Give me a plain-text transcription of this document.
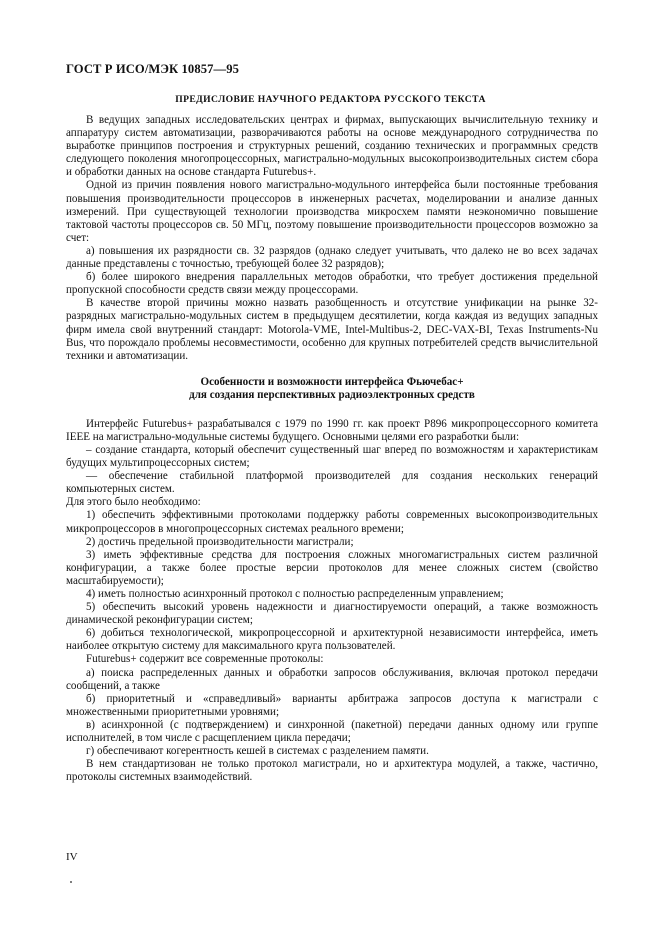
ГОСТ Р ИСО/МЭК 10857—95
ПРЕДИСЛОВИЕ НАУЧНОГО РЕДАКТОРА РУССКОГО ТЕКСТА

В ведущих западных исследовательских центрах и фирмах, выпускающих вычислительную технику и аппаратуру систем автоматизации, разворачиваются работы на основе международного сотрудничества по выработке принципов построения и структурных решений, созданию технических и программных средств следующего поколения многопроцессорных, магистрально-модульных высокопроизводительных систем сбора и обработки данных на основе стандарта Futurebus+.

Одной из причин появления нового магистрально-модульного интерфейса были постоянные требования повышения производительности процессоров в инженерных расчетах, моделировании и анализе данных измерений. При существующей технологии производства микросхем памяти неэкономично повышение тактовой частоты процессоров св. 50 МГц, поэтому повышение производительности процессоров возможно за счет:

а) повышения их разрядности св. 32 разрядов (однако следует учитывать, что далеко не во всех задачах данные представлены с точностью, требующей более 32 разрядов);

б) более широкого внедрения параллельных методов обработки, что требует достижения предельной пропускной способности средств связи между процессорами.

В качестве второй причины можно назвать разобщенность и отсутствие унификации на рынке 32-разрядных магистрально-модульных систем в предыдущем десятилетии, когда каждая из ведущих западных фирм имела свой внутренний стандарт: Motorola-VME, Intel-Multibus-2, DEC-VAX-BI, Texas Instruments-Nu Bus, что порождало проблемы несовместимости, особенно для крупных потребителей средств вычислительной техники и автоматизации.

Особенности и возможности интерфейса Фьючебас+
для создания перспективных радиоэлектронных средств

Интерфейс Futurebus+ разрабатывался с 1979 по 1990 гг. как проект Р896 микропроцессорного комитета IEEE на магистрально-модульные системы будущего. Основными целями его разработки были:

– создание стандарта, который обеспечит существенный шаг вперед по возможностям и характеристикам будущих мультипроцессорных систем;

— обеспечение стабильной платформой производителей для создания нескольких генераций компьютерных систем.

Для этого было необходимо:

1) обеспечить эффективными протоколами поддержку работы современных высокопроизводительных микропроцессоров в многопроцессорных системах реального времени;

2) достичь предельной производительности магистрали;

3) иметь эффективные средства для построения сложных многомагистральных систем различной конфигурации, а также более простые версии протоколов для менее сложных систем (свойство масштабируемости);

4) иметь полностью асинхронный протокол с полностью распределенным управлением;

5) обеспечить высокий уровень надежности и диагностируемости операций, а также возможность динамической реконфигурации систем;

6) добиться технологической, микропроцессорной и архитектурной независимости интерфейса, иметь наиболее открытую систему для максимального круга пользователей.

Futurebus+ содержит все современные протоколы:

а) поиска распределенных данных и обработки запросов обслуживания, включая протокол передачи сообщений, а также

б) приоритетный и «справедливый» варианты арбитража запросов доступа к магистрали с множественными приоритетными уровнями;

в) асинхронной (с подтверждением) и синхронной (пакетной) передачи данных одному или группе исполнителей, в том числе с расщеплением цикла передачи;

г) обеспечивают когерентность кешей в системах с разделением памяти.

В нем стандартизован не только протокол магистрали, но и архитектура модулей, а также, частично, протоколы системных взаимодействий.

IV
